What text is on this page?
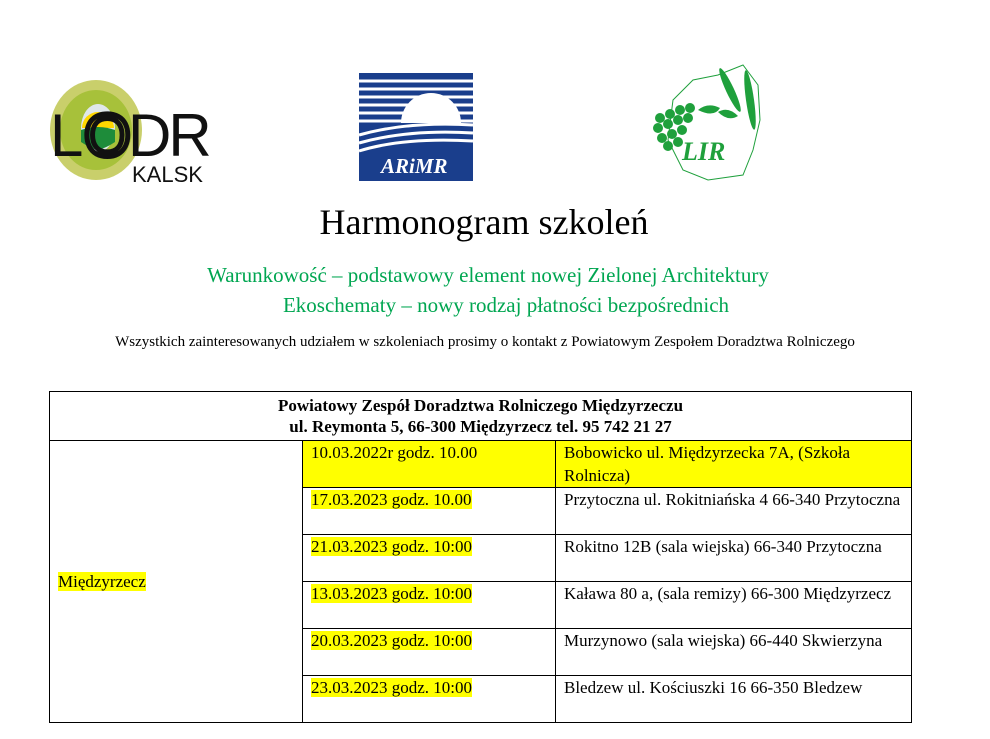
L O
DR
KALSK	ARiMR	LIR
Harmonogram szkoleń
Warunkowość – podstawowy element nowej Zielonej Architektury
Ekoschematy – nowy rodzaj płatności bezpośrednich
Wszystkich zainteresowanych udziałem w szkoleniach prosimy o kontakt z Powiatowym Zespołem Doradztwa Rolniczego
Powiatowy Zespół Doradztwa Rolniczego Międzyrzeczu
ul. Reymonta 5, 66-300 Międzyrzecz tel. 95 742 21 27		

Międzyrzecz	10.03.2022r godz. 10.00	Bobowicko ul. Międzyrzecka 7A, (Szkoła Rolnicza)
	17.03.2023 godz. 10.00	Przytoczna ul. Rokitniańska 4 66-340 Przytoczna
	21.03.2023 godz. 10:00	Rokitno 12B (sala wiejska) 66-340 Przytoczna
	13.03.2023 godz. 10:00	Kaława 80 a, (sala remizy) 66-300 Międzyrzecz
	20.03.2023 godz. 10:00	Murzynowo (sala wiejska) 66-440 Skwierzyna
	23.03.2023 godz. 10:00	Bledzew ul. Kościuszki 16 66-350 Bledzew
